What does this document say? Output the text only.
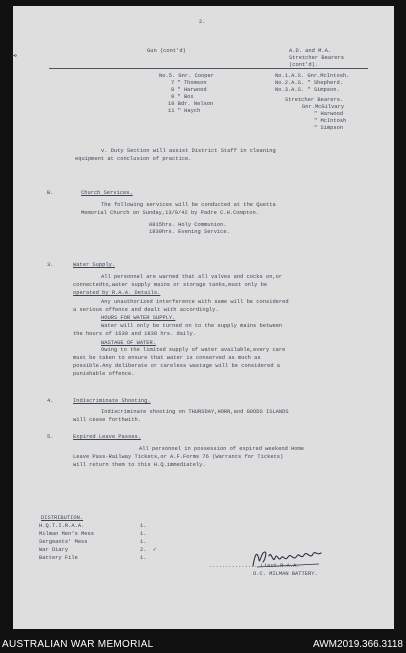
2.
⊸
Gun (cont'd)	A.D. and M.A.
Stretcher Bearers
(cont'd).
No.1.A.S. Gnr.McIntosh.
No.2.A.S. " Shepherd.
No.3.A.S. " Simpson.
No.5. Gnr. Cooper
7 " Thomson
8 " Harwood
9 " Box
10 Bdr. Nelson
11 " Haych
Stretcher Bearers.
Gnr.McGilvary
" Harwood
" McIntosh
" Simpson
v. Duty Section will assist District Staff in cleaning
equipment at conclusion of practice.
B.	Church Services.
The following services will be conducted at the Quetta
Memorial Church on Sunday,13/9/42 by Padre C.H.Compton.
0815hrs. Holy Communion.
1830hrs. Evening Service.
3.	Water Supply.
All personnel are warned that all valves and cocks on,or
connectedto,water supply mains or storage tanks,must only be
operated by R.A.A. Details.
Any unauthorized interference with same will be considered
a serious offence and dealt with accordingly.
HOURS FOR WATER SUPPLY.
Water will only be turned on to the supply mains between
the hours of 1630 and 1830 hrs. daily.
WASTAGE OF WATER.
Owing to the limited supply of water available,every care
must be taken to ensure that water is conserved as much as
possible.Any deliberate or careless wastage will be considered a
punishable offence.
4.	Indiscriminate Shooting.
Indiscriminate shooting on THURSDAY,HORN,and GOODS ISLANDS
will cease forthwith.
5.	Expired Leave Passes.
All personnel in possession of expired weekend Home
Leave Pass-Railway Tickets,or A.F.Forms 76 (Warrants for Tickets)
will return them to this H.Q.immediately.
DISTRIBUTION.
H.Q.T.I.R.A.A.	1.
Milman Men's Mess	1.
Sergeants' Mess	1.
War Diary	2.
Battery File	1.
✓
................Lieut.R.A.A.
O.C. MILMAN BATTERY.
AUSTRALIAN WAR MEMORIAL	AWM2019.366.3118
